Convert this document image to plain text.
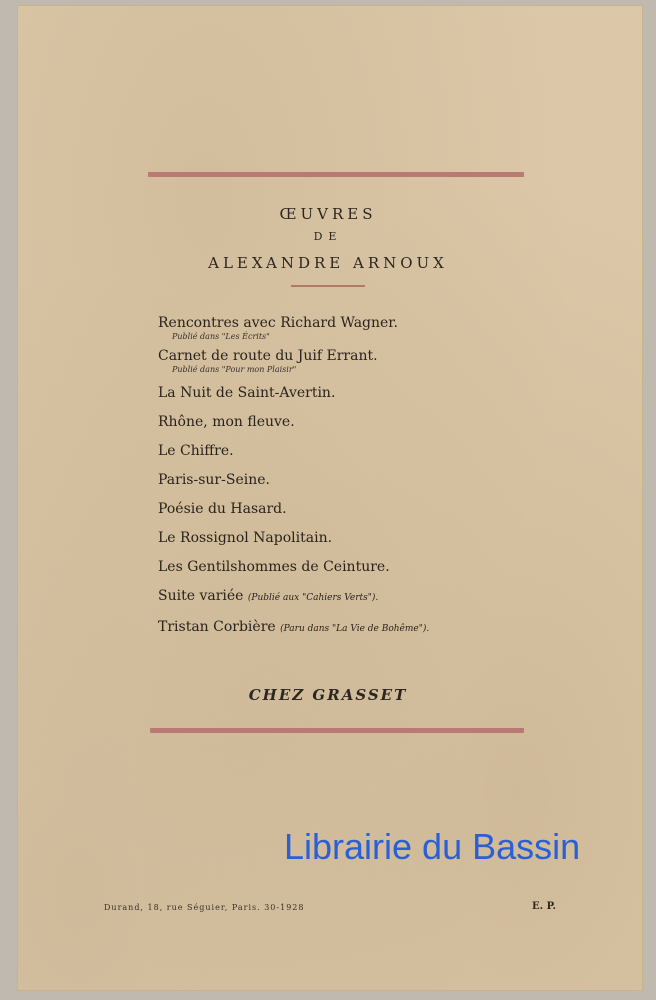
ŒUVRES
DE
ALEXANDRE ARNOUX
Rencontres avec Richard Wagner.
Publié dans "Les Écrits"
Carnet de route du Juif Errant.
Publié dans "Pour mon Plaisir"
La Nuit de Saint-Avertin.
Rhône, mon fleuve.
Le Chiffre.
Paris-sur-Seine.
Poésie du Hasard.
Le Rossignol Napolitain.
Les Gentilshommes de Ceinture.
Suite variée (Publié aux "Cahiers Verts").
Tristan Corbière (Paru dans "La Vie de Bohême").
CHEZ GRASSET
Librairie du Bassin
Durand, 18, rue Séguier, Paris. 30-1928	E. P.
